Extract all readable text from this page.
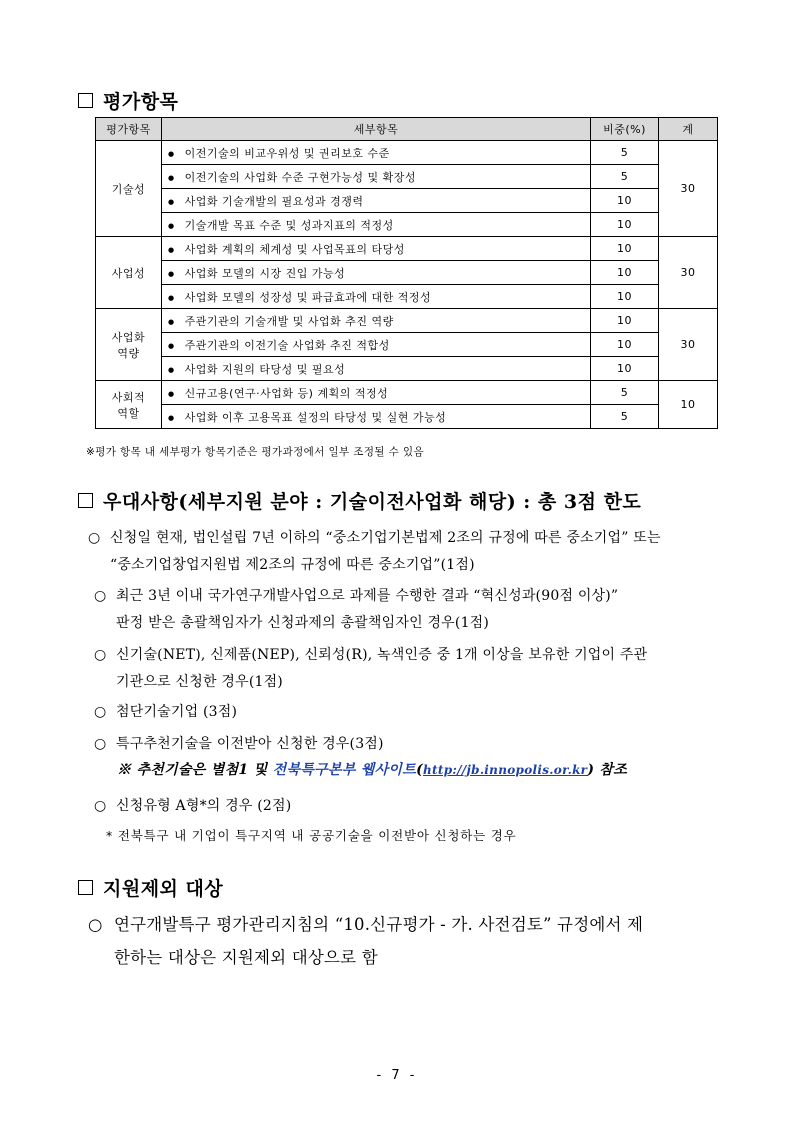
평가항목
평가항목	세부항목	비중(%)	계
기술성	● 이전기술의 비교우위성 및 권리보호 수준	5	30
	● 이전기술의 사업화 수준 구현가능성 및 확장성	5	
	● 사업화 기술개발의 필요성과 경쟁력	10	
	● 기술개발 목표 수준 및 성과지표의 적정성	10	
사업성	● 사업화 계획의 체계성 및 사업목표의 타당성	10	30
	● 사업화 모델의 시장 진입 가능성	10	
	● 사업화 모델의 성장성 및 파급효과에 대한 적정성	10	
사업화
역량	● 주관기관의 기술개발 및 사업화 추진 역량	10	30
	● 주관기관의 이전기술 사업화 추진 적합성	10	
	● 사업화 지원의 타당성 및 필요성	10	
사회적
역할	● 신규고용(연구·사업화 등) 계획의 적정성	5	10
	● 사업화 이후 고용목표 설정의 타당성 및 실현 가능성	5	
※평가 항목 내 세부평가 항목기준은 평가과정에서 일부 조정될 수 있음
우대사항(세부지원 분야 : 기술이전사업화 해당) : 총 3점 한도
○ 신청일 현재, 법인설립 7년 이하의 “중소기업기본법제 2조의 규정에 따른 중소기업” 또는
“중소기업창업지원법 제2조의 규정에 따른 중소기업”(1점)
○ 최근 3년 이내 국가연구개발사업으로 과제를 수행한 결과 “혁신성과(90점 이상)”
판정 받은 총괄책임자가 신청과제의 총괄책임자인 경우(1점)
○ 신기술(NET), 신제품(NEP), 신뢰성(R), 녹색인증 중 1개 이상을 보유한 기업이 주관
기관으로 신청한 경우(1점)
○ 첨단기술기업 (3점)
○ 특구추천기술을 이전받아 신청한 경우(3점)
※ 추천기술은 별첨1 및 전북특구본부 웹사이트(http://jb.innopolis.or.kr) 참조
○ 신청유형 A형*의 경우 (2점)
* 전북특구 내 기업이 특구지역 내 공공기술을 이전받아 신청하는 경우
지원제외 대상
○ 연구개발특구 평가관리지침의 “10.신규평가 - 가. 사전검토” 규정에서 제
한하는 대상은 지원제외 대상으로 함
- 7 -
